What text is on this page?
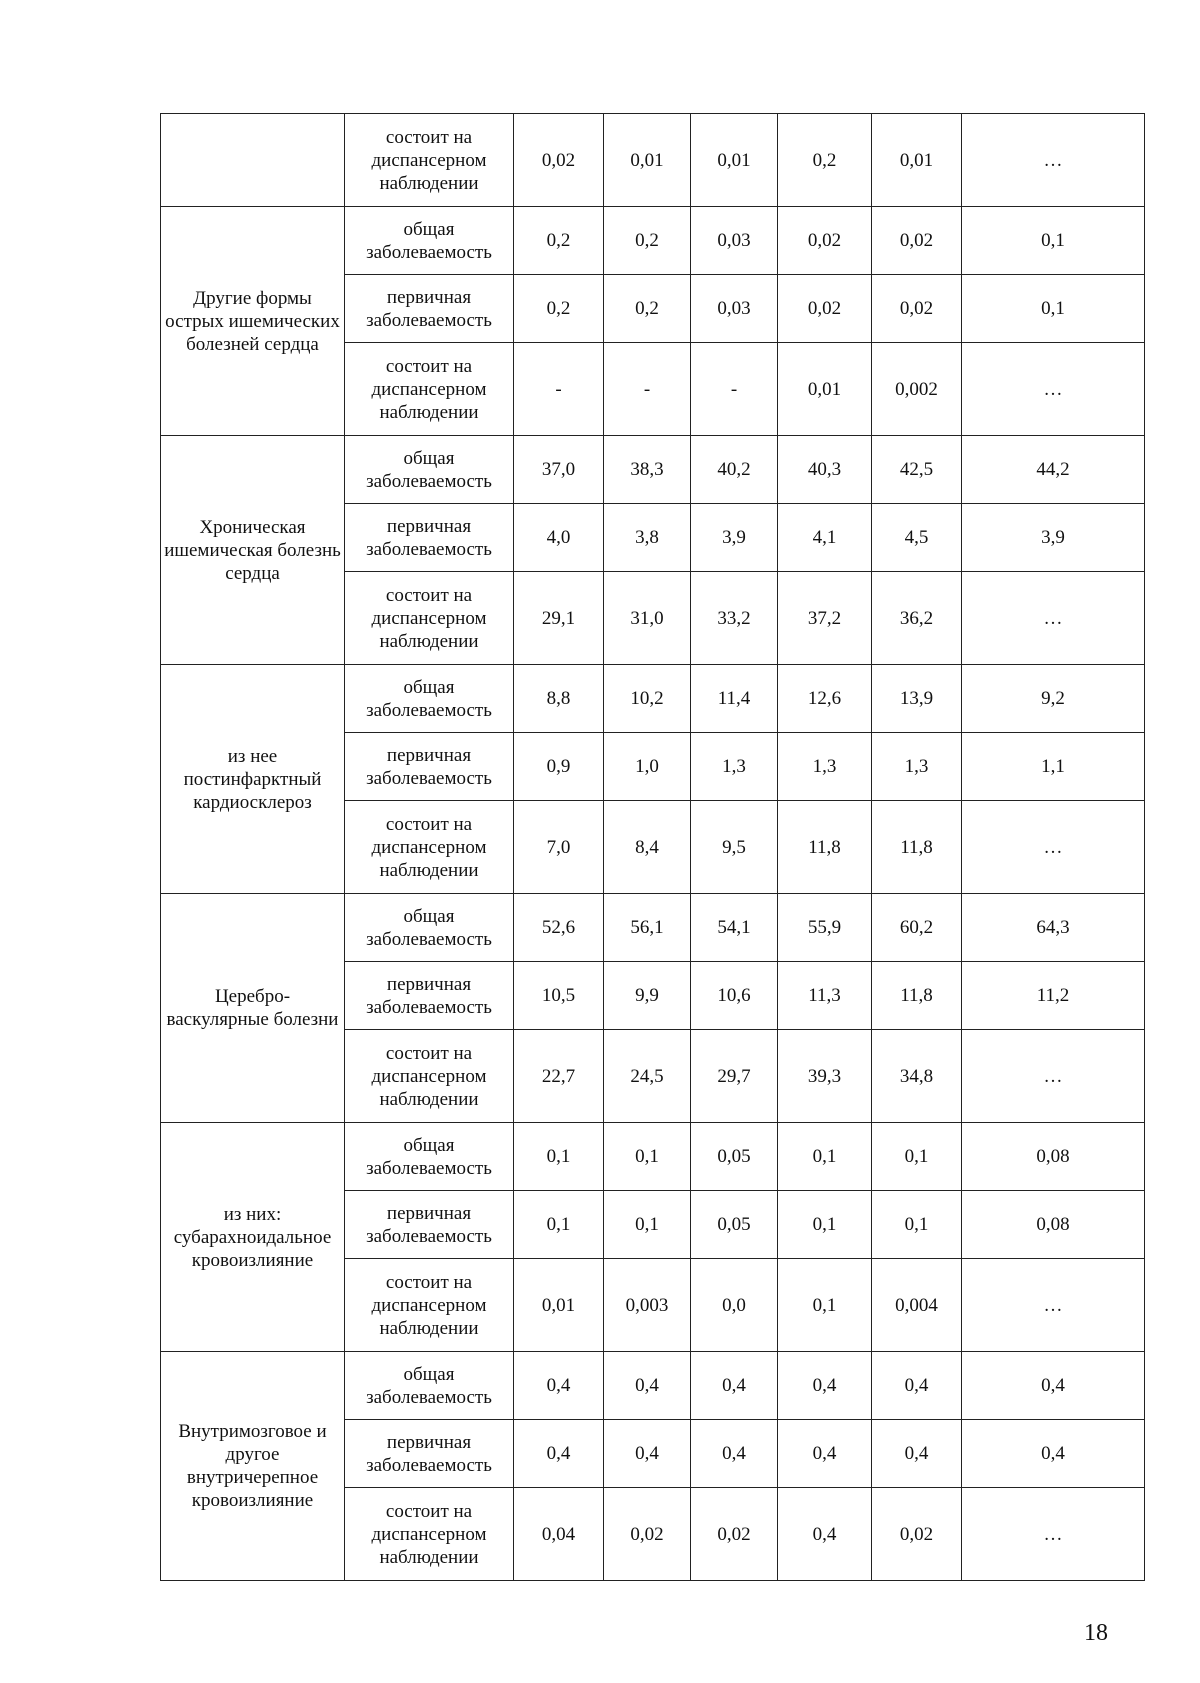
	состоит на диспансерном наблюдении	0,02	0,01	0,01	0,2	0,01	…
Другие формы острых ишемических болезней сердца	общая заболеваемость	0,2	0,2	0,03	0,02	0,02	0,1
	первичная заболеваемость	0,2	0,2	0,03	0,02	0,02	0,1
	состоит на диспансерном наблюдении	-	-	-	0,01	0,002	…
Хроническая ишемическая болезнь сердца	общая заболеваемость	37,0	38,3	40,2	40,3	42,5	44,2
	первичная заболеваемость	4,0	3,8	3,9	4,1	4,5	3,9
	состоит на диспансерном наблюдении	29,1	31,0	33,2	37,2	36,2	…
из нее постинфарктный кардиосклероз	общая заболеваемость	8,8	10,2	11,4	12,6	13,9	9,2
	первичная заболеваемость	0,9	1,0	1,3	1,3	1,3	1,1
	состоит на диспансерном наблюдении	7,0	8,4	9,5	11,8	11,8	…
Церебро-васкулярные болезни	общая заболеваемость	52,6	56,1	54,1	55,9	60,2	64,3
	первичная заболеваемость	10,5	9,9	10,6	11,3	11,8	11,2
	состоит на диспансерном наблюдении	22,7	24,5	29,7	39,3	34,8	…
из них: субарахноидальное кровоизлияние	общая заболеваемость	0,1	0,1	0,05	0,1	0,1	0,08
	первичная заболеваемость	0,1	0,1	0,05	0,1	0,1	0,08
	состоит на диспансерном наблюдении	0,01	0,003	0,0	0,1	0,004	…
Внутримозговое и другое внутричерепное кровоизлияние	общая заболеваемость	0,4	0,4	0,4	0,4	0,4	0,4
	первичная заболеваемость	0,4	0,4	0,4	0,4	0,4	0,4
	состоит на диспансерном наблюдении	0,04	0,02	0,02	0,4	0,02	…
18
